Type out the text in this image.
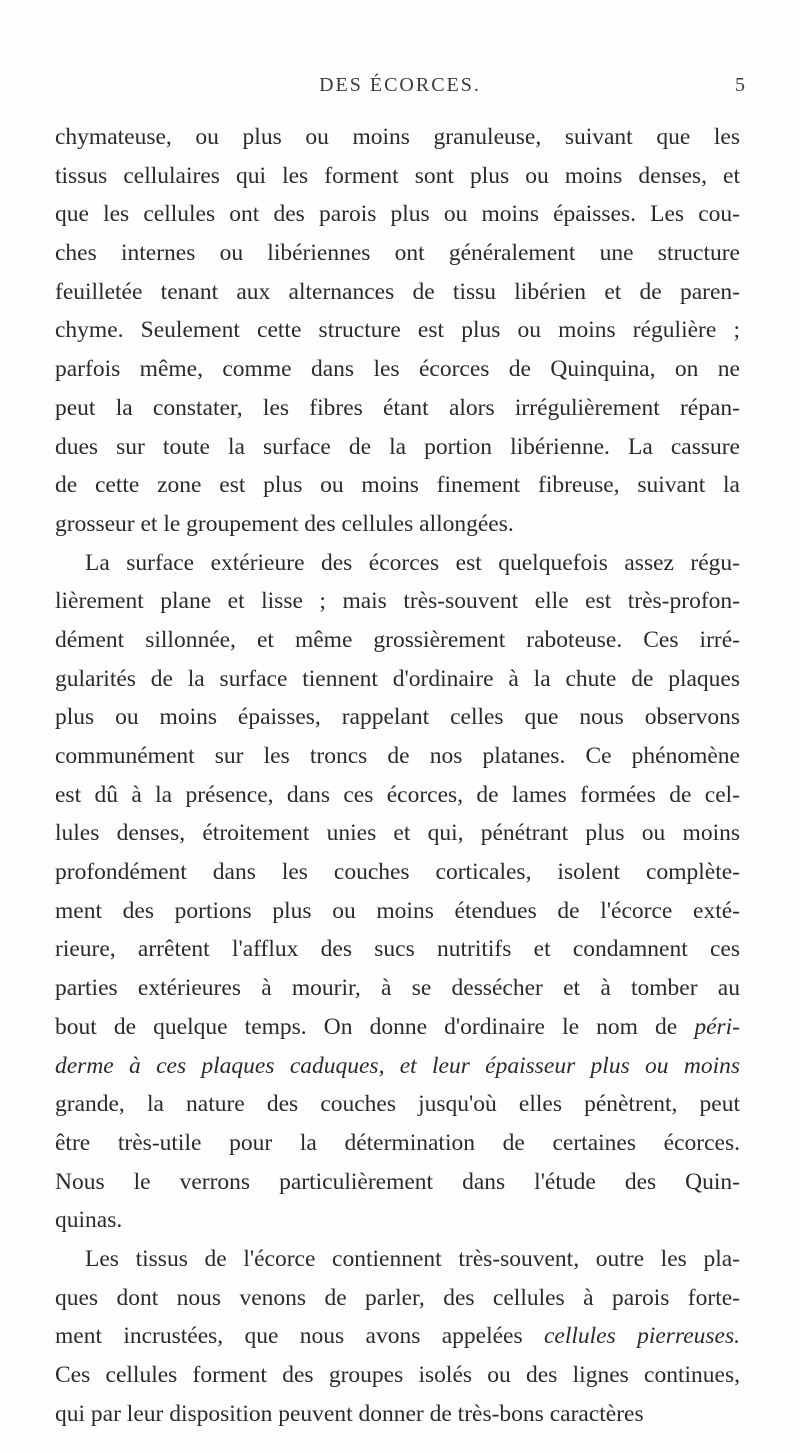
DES ÉCORCES.	5
chymateuse, ou plus ou moins granuleuse, suivant que les
tissus cellulaires qui les forment sont plus ou moins denses, et
que les cellules ont des parois plus ou moins épaisses. Les cou-
ches internes ou libériennes ont généralement une structure
feuilletée tenant aux alternances de tissu libérien et de paren-
chyme. Seulement cette structure est plus ou moins régulière ;
parfois même, comme dans les écorces de Quinquina, on ne
peut la constater, les fibres étant alors irrégulièrement répan-
dues sur toute la surface de la portion libérienne. La cassure
de cette zone est plus ou moins finement fibreuse, suivant la
grosseur et le groupement des cellules allongées.
La surface extérieure des écorces est quelquefois assez régu-
lièrement plane et lisse ; mais très-souvent elle est très-profon-
dément sillonnée, et même grossièrement raboteuse. Ces irré-
gularités de la surface tiennent d'ordinaire à la chute de plaques
plus ou moins épaisses, rappelant celles que nous observons
communément sur les troncs de nos platanes. Ce phénomène
est dû à la présence, dans ces écorces, de lames formées de cel-
lules denses, étroitement unies et qui, pénétrant plus ou moins
profondément dans les couches corticales, isolent complète-
ment des portions plus ou moins étendues de l'écorce exté-
rieure, arrêtent l'afflux des sucs nutritifs et condamnent ces
parties extérieures à mourir, à se dessécher et à tomber au
bout de quelque temps. On donne d'ordinaire le nom de péri-
derme à ces plaques caduques, et leur épaisseur plus ou moins
grande, la nature des couches jusqu'où elles pénètrent, peut
être très-utile pour la détermination de certaines écorces.
Nous le verrons particulièrement dans l'étude des Quin-
quinas.
Les tissus de l'écorce contiennent très-souvent, outre les pla-
ques dont nous venons de parler, des cellules à parois forte-
ment incrustées, que nous avons appelées cellules pierreuses.
Ces cellules forment des groupes isolés ou des lignes continues,
qui par leur disposition peuvent donner de très-bons caractères
